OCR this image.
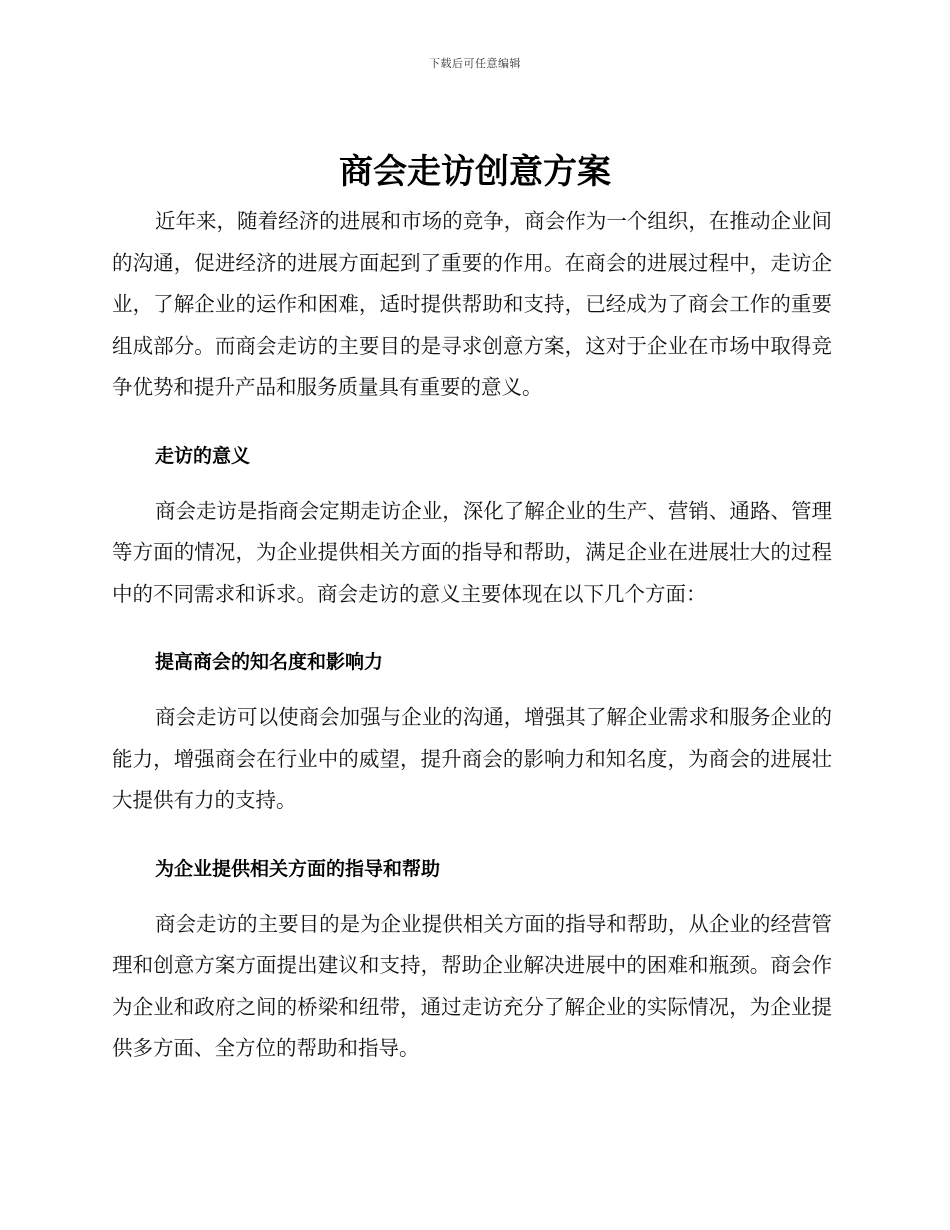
下载后可任意编辑
商会走访创意方案

近年来，随着经济的进展和市场的竞争，商会作为一个组织，在推动企业间的沟通，促进经济的进展方面起到了重要的作用。在商会的进展过程中，走访企业，了解企业的运作和困难，适时提供帮助和支持，已经成为了商会工作的重要组成部分。而商会走访的主要目的是寻求创意方案，这对于企业在市场中取得竞争优势和提升产品和服务质量具有重要的意义。

走访的意义

商会走访是指商会定期走访企业，深化了解企业的生产、营销、通路、管理等方面的情况，为企业提供相关方面的指导和帮助，满足企业在进展壮大的过程中的不同需求和诉求。商会走访的意义主要体现在以下几个方面：

提高商会的知名度和影响力

商会走访可以使商会加强与企业的沟通，增强其了解企业需求和服务企业的能力，增强商会在行业中的威望，提升商会的影响力和知名度，为商会的进展壮大提供有力的支持。

为企业提供相关方面的指导和帮助

商会走访的主要目的是为企业提供相关方面的指导和帮助，从企业的经营管理和创意方案方面提出建议和支持，帮助企业解决进展中的困难和瓶颈。商会作为企业和政府之间的桥梁和纽带，通过走访充分了解企业的实际情况，为企业提供多方面、全方位的帮助和指导。
